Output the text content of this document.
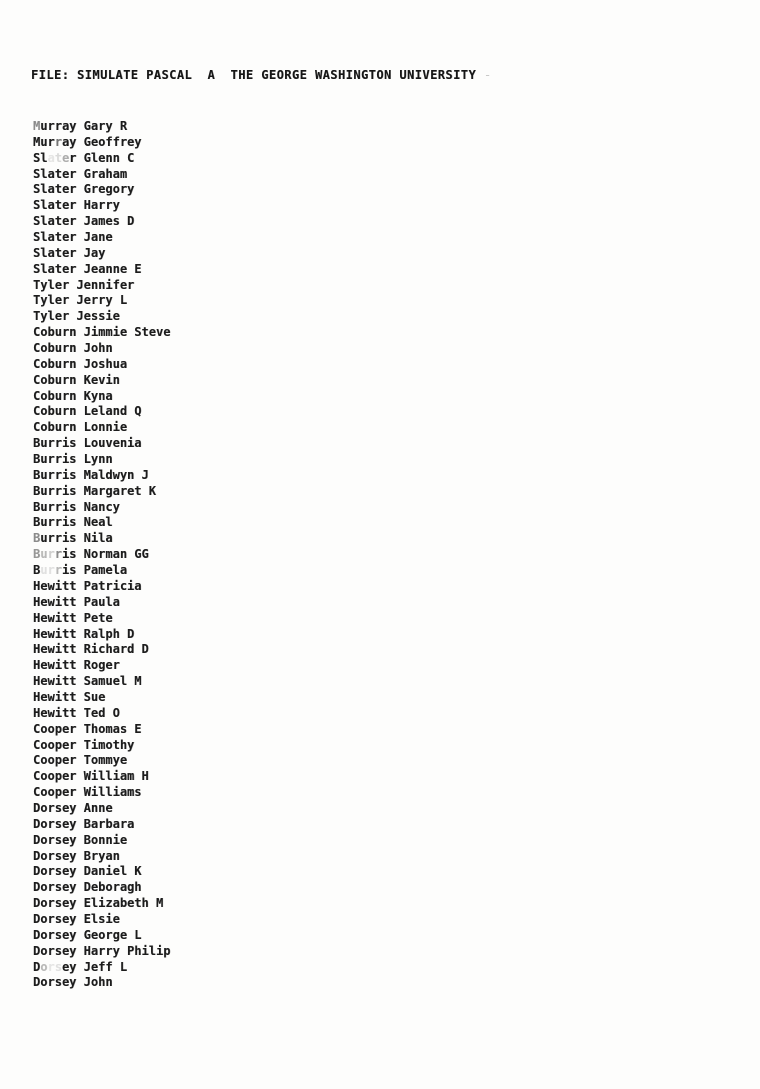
FILE: SIMULATE PASCAL  A  THE GEORGE WASHINGTON UNIVERSITY -
Murray Gary R
Murray Geoffrey
Slater Glenn C
Slater Graham
Slater Gregory
Slater Harry
Slater James D
Slater Jane
Slater Jay
Slater Jeanne E
Tyler Jennifer
Tyler Jerry L
Tyler Jessie
Coburn Jimmie Steve
Coburn John
Coburn Joshua
Coburn Kevin
Coburn Kyna
Coburn Leland Q
Coburn Lonnie
Burris Louvenia
Burris Lynn
Burris Maldwyn J
Burris Margaret K
Burris Nancy
Burris Neal
Burris Nila
Burris Norman GG
Burris Pamela
Hewitt Patricia
Hewitt Paula
Hewitt Pete
Hewitt Ralph D
Hewitt Richard D
Hewitt Roger
Hewitt Samuel M
Hewitt Sue
Hewitt Ted O
Cooper Thomas E
Cooper Timothy
Cooper Tommye
Cooper William H
Cooper Williams
Dorsey Anne
Dorsey Barbara
Dorsey Bonnie
Dorsey Bryan
Dorsey Daniel K
Dorsey Deboragh
Dorsey Elizabeth M
Dorsey Elsie
Dorsey George L
Dorsey Harry Philip
Dorsey Jeff L
Dorsey John
